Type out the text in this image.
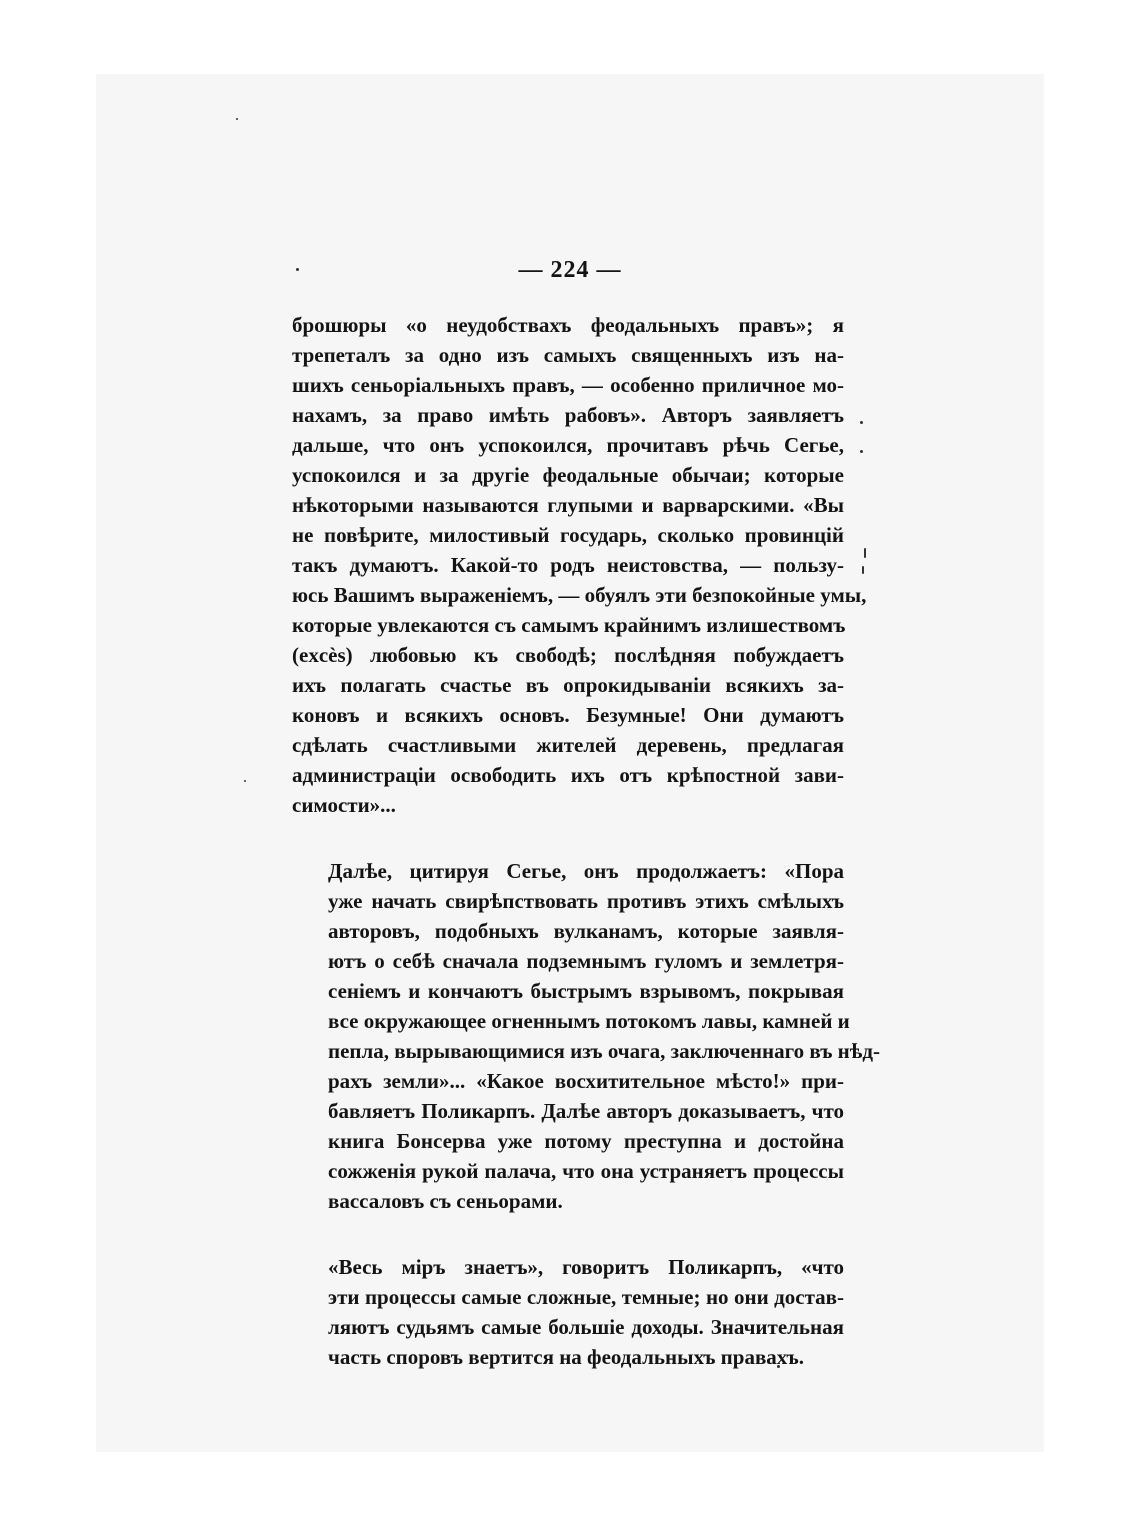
— 224 —

брошюры «о неудобствахъ феодальныхъ правъ»; я
трепеталъ за одно изъ самыхъ священныхъ изъ на-
шихъ сеньоріальныхъ правъ, — особенно приличное мо-
нахамъ, за право имѣть рабовъ». Авторъ заявляетъ
дальше, что онъ успокоился, прочитавъ рѣчь Сегье,
успокоился и за другіе феодальные обычаи; которые
нѣкоторыми называются глупыми и варварскими. «Вы
не повѣрите, милостивый государь, сколько провинцій
такъ думаютъ. Какой-то родъ неистовства, — пользу-
юсь Вашимъ выраженіемъ, — обуялъ эти безпокойные умы,
которые увлекаются съ самымъ крайнимъ излишествомъ
(excès) любовью къ свободѣ; послѣдняя побуждаетъ
ихъ полагать счастье въ опрокидываніи всякихъ за-
коновъ и всякихъ основъ. Безумные! Они думаютъ
сдѣлать счастливыми жителей деревень, предлагая
администраціи освободить ихъ отъ крѣпостной зави-
симости»...

Далѣе, цитируя Сегье, онъ продолжаетъ: «Пора
уже начать свирѣпствовать противъ этихъ смѣлыхъ
авторовъ, подобныхъ вулканамъ, которые заявля-
ютъ о себѣ сначала подземнымъ гуломъ и землетря-
сеніемъ и кончаютъ быстрымъ взрывомъ, покрывая
все окружающее огненнымъ потокомъ лавы, камней и
пепла, вырывающимися изъ очага, заключеннаго въ нѣд-
рахъ земли»... «Какое восхитительное мѣсто!» при-
бавляетъ Поликарпъ. Далѣе авторъ доказываетъ, что
книга Бонсерва уже потому преступна и достойна
сожженія рукой палача, что она устраняетъ процессы
вассаловъ съ сеньорами.

«Весь міръ знаетъ», говоритъ Поликарпъ, «что
эти процессы самые сложные, темные; но они достав-
ляютъ судьямъ самые большіе доходы. Значительная
часть споровъ вертится на феодальныхъ правахъ.
